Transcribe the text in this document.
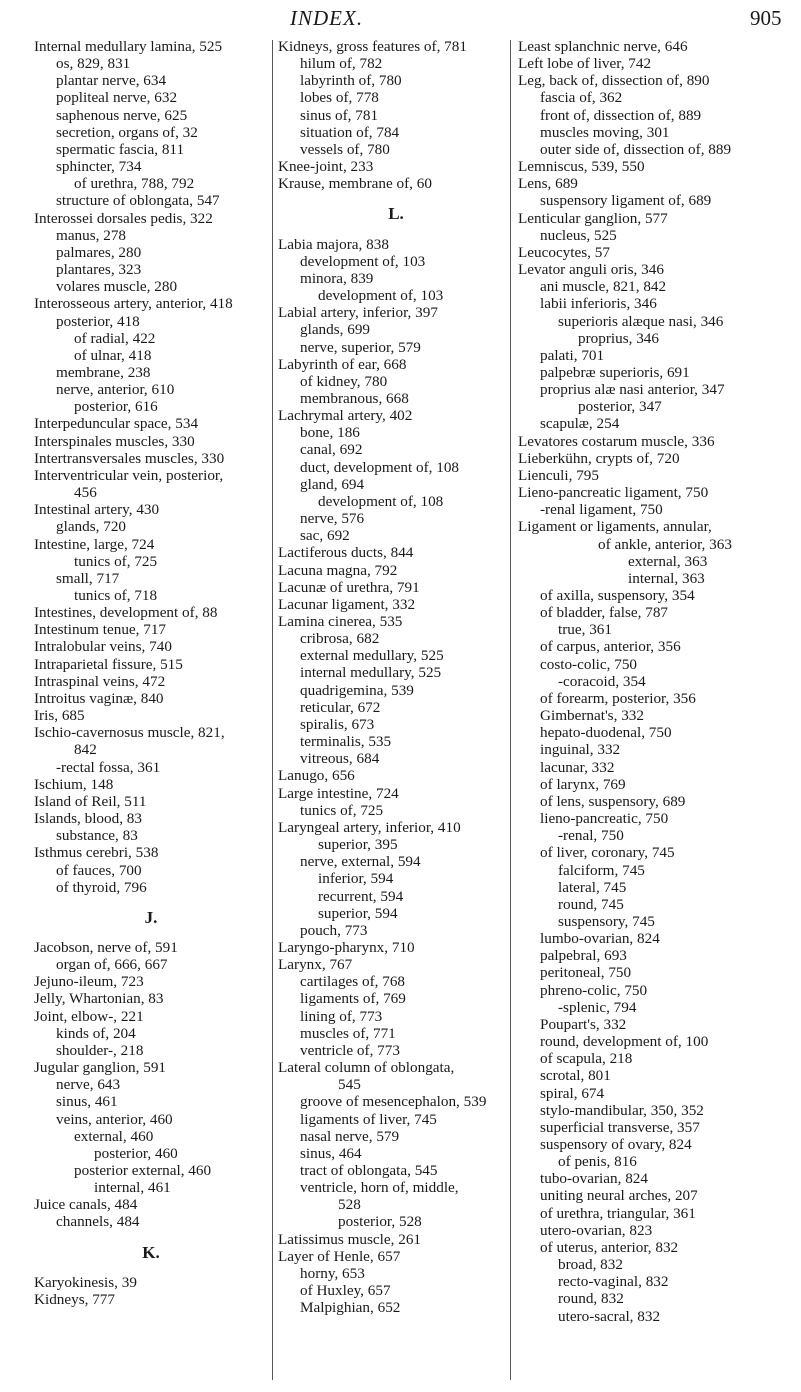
INDEX.	905
Internal medullary lamina, 525
os, 829, 831
plantar nerve, 634
popliteal nerve, 632
saphenous nerve, 625
secretion, organs of, 32
spermatic fascia, 811
sphincter, 734
of urethra, 788, 792
structure of oblongata, 547
Interossei dorsales pedis, 322
manus, 278
palmares, 280
plantares, 323
volares muscle, 280
Interosseous artery, anterior, 418
posterior, 418
of radial, 422
of ulnar, 418
membrane, 238
nerve, anterior, 610
posterior, 616
Interpeduncular space, 534
Interspinales muscles, 330
Intertransversales muscles, 330
Interventricular vein, posterior,
456
Intestinal artery, 430
glands, 720
Intestine, large, 724
tunics of, 725
small, 717
tunics of, 718
Intestines, development of, 88
Intestinum tenue, 717
Intralobular veins, 740
Intraparietal fissure, 515
Intraspinal veins, 472
Introitus vaginæ, 840
Iris, 685
Ischio-cavernosus muscle, 821,
842
-rectal fossa, 361
Ischium, 148
Island of Reil, 511
Islands, blood, 83
substance, 83
Isthmus cerebri, 538
of fauces, 700
of thyroid, 796
J.
Jacobson, nerve of, 591
organ of, 666, 667
Jejuno-ileum, 723
Jelly, Whartonian, 83
Joint, elbow-, 221
kinds of, 204
shoulder-, 218
Jugular ganglion, 591
nerve, 643
sinus, 461
veins, anterior, 460
external, 460
posterior, 460
posterior external, 460
internal, 461
Juice canals, 484
channels, 484
K.
Karyokinesis, 39
Kidneys, 777
Kidneys, gross features of, 781
hilum of, 782
labyrinth of, 780
lobes of, 778
sinus of, 781
situation of, 784
vessels of, 780
Knee-joint, 233
Krause, membrane of, 60
L.
Labia majora, 838
development of, 103
minora, 839
development of, 103
Labial artery, inferior, 397
glands, 699
nerve, superior, 579
Labyrinth of ear, 668
of kidney, 780
membranous, 668
Lachrymal artery, 402
bone, 186
canal, 692
duct, development of, 108
gland, 694
development of, 108
nerve, 576
sac, 692
Lactiferous ducts, 844
Lacuna magna, 792
Lacunæ of urethra, 791
Lacunar ligament, 332
Lamina cinerea, 535
cribrosa, 682
external medullary, 525
internal medullary, 525
quadrigemina, 539
reticular, 672
spiralis, 673
terminalis, 535
vitreous, 684
Lanugo, 656
Large intestine, 724
tunics of, 725
Laryngeal artery, inferior, 410
superior, 395
nerve, external, 594
inferior, 594
recurrent, 594
superior, 594
pouch, 773
Laryngo-pharynx, 710
Larynx, 767
cartilages of, 768
ligaments of, 769
lining of, 773
muscles of, 771
ventricle of, 773
Lateral column of oblongata,
545
groove of mesencephalon, 539
ligaments of liver, 745
nasal nerve, 579
sinus, 464
tract of oblongata, 545
ventricle, horn of, middle,
528
posterior, 528
Latissimus muscle, 261
Layer of Henle, 657
horny, 653
of Huxley, 657
Malpighian, 652
Least splanchnic nerve, 646
Left lobe of liver, 742
Leg, back of, dissection of, 890
fascia of, 362
front of, dissection of, 889
muscles moving, 301
outer side of, dissection of, 889
Lemniscus, 539, 550
Lens, 689
suspensory ligament of, 689
Lenticular ganglion, 577
nucleus, 525
Leucocytes, 57
Levator anguli oris, 346
ani muscle, 821, 842
labii inferioris, 346
superioris alæque nasi, 346
proprius, 346
palati, 701
palpebræ superioris, 691
proprius alæ nasi anterior, 347
posterior, 347
scapulæ, 254
Levatores costarum muscle, 336
Lieberkühn, crypts of, 720
Lienculi, 795
Lieno-pancreatic ligament, 750
-renal ligament, 750
Ligament or ligaments, annular,
of ankle, anterior, 363
external, 363
internal, 363
of axilla, suspensory, 354
of bladder, false, 787
true, 361
of carpus, anterior, 356
costo-colic, 750
-coracoid, 354
of forearm, posterior, 356
Gimbernat's, 332
hepato-duodenal, 750
inguinal, 332
lacunar, 332
of larynx, 769
of lens, suspensory, 689
lieno-pancreatic, 750
-renal, 750
of liver, coronary, 745
falciform, 745
lateral, 745
round, 745
suspensory, 745
lumbo-ovarian, 824
palpebral, 693
peritoneal, 750
phreno-colic, 750
-splenic, 794
Poupart's, 332
round, development of, 100
of scapula, 218
scrotal, 801
spiral, 674
stylo-mandibular, 350, 352
superficial transverse, 357
suspensory of ovary, 824
of penis, 816
tubo-ovarian, 824
uniting neural arches, 207
of urethra, triangular, 361
utero-ovarian, 823
of uterus, anterior, 832
broad, 832
recto-vaginal, 832
round, 832
utero-sacral, 832
